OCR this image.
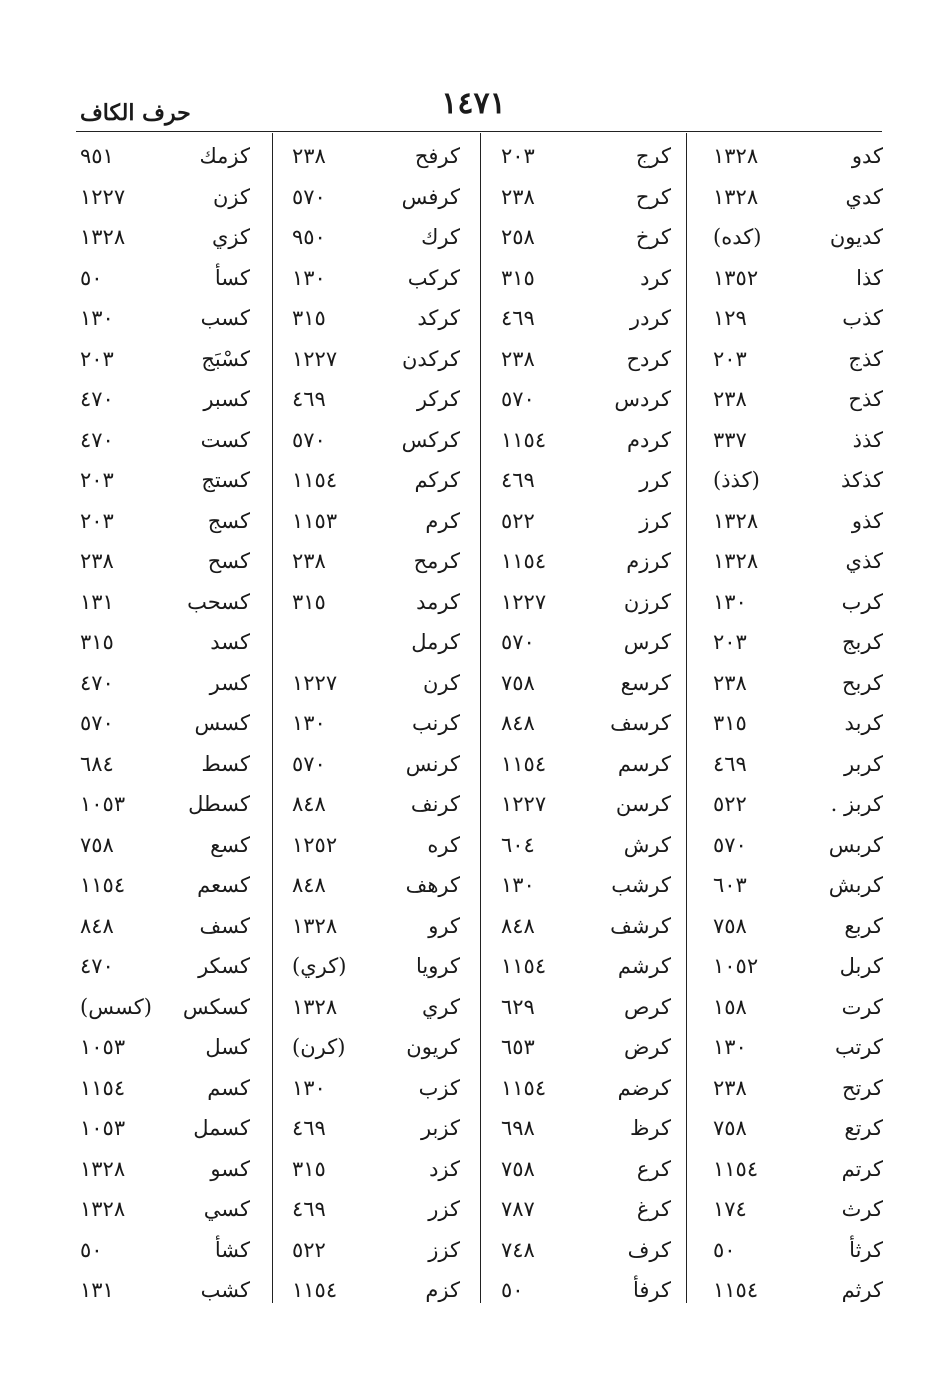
١٤٧١
حرف الكاف
كدو
١٣٢٨
كدي
١٣٢٨
كديون
(كده)
كذا
١٣٥٢
كذب
١٢٩
كذج
٢٠٣
كذح
٢٣٨
كذذ
٣٣٧
كذكذ
(كذذ)
كذو
١٣٢٨
كذي
١٣٢٨
كرب
١٣٠
كربج
٢٠٣
كربح
٢٣٨
كربد
٣١٥
كربر
٤٦٩
كربز .
٥٢٢
كربس
٥٧٠
كربش
٦٠٣
كربع
٧٥٨
كربل
١٠٥٢
كرت
١٥٨
كرتب
١٣٠
كرتح
٢٣٨
كرتع
٧٥٨
كرتم
١١٥٤
كرث
١٧٤
كرثأ
٥٠
كرثم
١١٥٤
كرج
٢٠٣
كرح
٢٣٨
كرخ
٢٥٨
كرد
٣١٥
كردر
٤٦٩
كردح
٢٣٨
كردس
٥٧٠
كردم
١١٥٤
كرر
٤٦٩
كرز
٥٢٢
كرزم
١١٥٤
كرزن
١٢٢٧
كرس
٥٧٠
كرسع
٧٥٨
كرسف
٨٤٨
كرسم
١١٥٤
كرسن
١٢٢٧
كرش
٦٠٤
كرشب
١٣٠
كرشف
٨٤٨
كرشم
١١٥٤
كرص
٦٢٩
كرض
٦٥٣
كرضم
١١٥٤
كرظ
٦٩٨
كرع
٧٥٨
كرغ
٧٨٧
كرف
٧٤٨
كرفأ
٥٠
كرفح
٢٣٨
كرفس
٥٧٠
كرك
٩٥٠
كركب
١٣٠
كركد
٣١٥
كركدن
١٢٢٧
كركر
٤٦٩
كركس
٥٧٠
كركم
١١٥٤
كرم
١١٥٣
كرمح
٢٣٨
كرمد
٣١٥
كرمل
كرن
١٢٢٧
كرنب
١٣٠
كرنس
٥٧٠
كرنف
٨٤٨
كره
١٢٥٢
كرهف
٨٤٨
كرو
١٣٢٨
كرويا
(كري)
كري
١٣٢٨
كريون
(كرن)
كزب
١٣٠
كزبر
٤٦٩
كزد
٣١٥
كزر
٤٦٩
كزز
٥٢٢
كزم
١١٥٤
كزمك
٩٥١
كزن
١٢٢٧
كزي
١٣٢٨
كسأ
٥٠
كسب
١٣٠
كسْبَج
٢٠٣
كسبر
٤٧٠
كست
٤٧٠
كستج
٢٠٣
كسج
٢٠٣
كسح
٢٣٨
كسحب
١٣١
كسد
٣١٥
كسر
٤٧٠
كسس
٥٧٠
كسط
٦٨٤
كسطل
١٠٥٣
كسع
٧٥٨
كسعم
١١٥٤
كسف
٨٤٨
كسكر
٤٧٠
كسكس
(كسس)
كسل
١٠٥٣
كسم
١١٥٤
كسمل
١٠٥٣
كسو
١٣٢٨
كسي
١٣٢٨
كشأ
٥٠
كشب
١٣١
